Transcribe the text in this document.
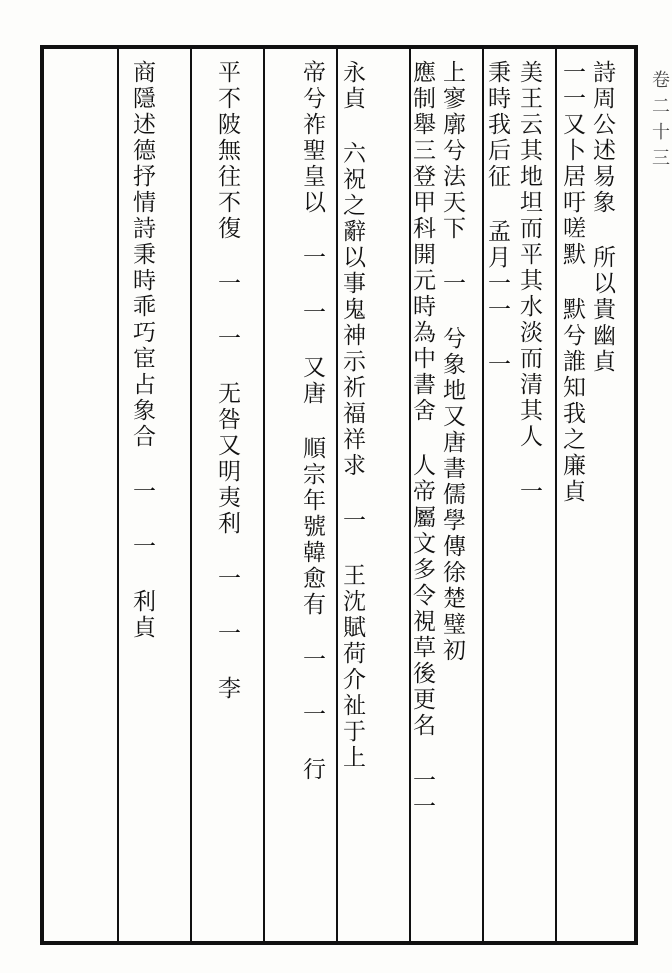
卷二十三
詩周公述易象 所以貴幽貞
一一又卜居吁嗟默 默兮誰知我之廉貞
美王云其地坦而平其水淡而清其人 一
秉時我后征 孟月一一 一
上寥廓兮法天下 一 兮象地又唐書儒學傳徐楚璧初
應制舉三登甲科開元時為中書舍 人帝屬文多令視草後更名 一一
永貞 六祝之辭以事鬼神示祈福祥求 一 王沈賦荷介祉于上
帝兮祚聖皇以 一 一 又唐 順宗年號韓愈有 一 一 行
平不陂無往不復 一 一 无咎又明夷利 一 一 李
商隱述德抒情詩秉時乖巧宦占象合 一 一 利貞
